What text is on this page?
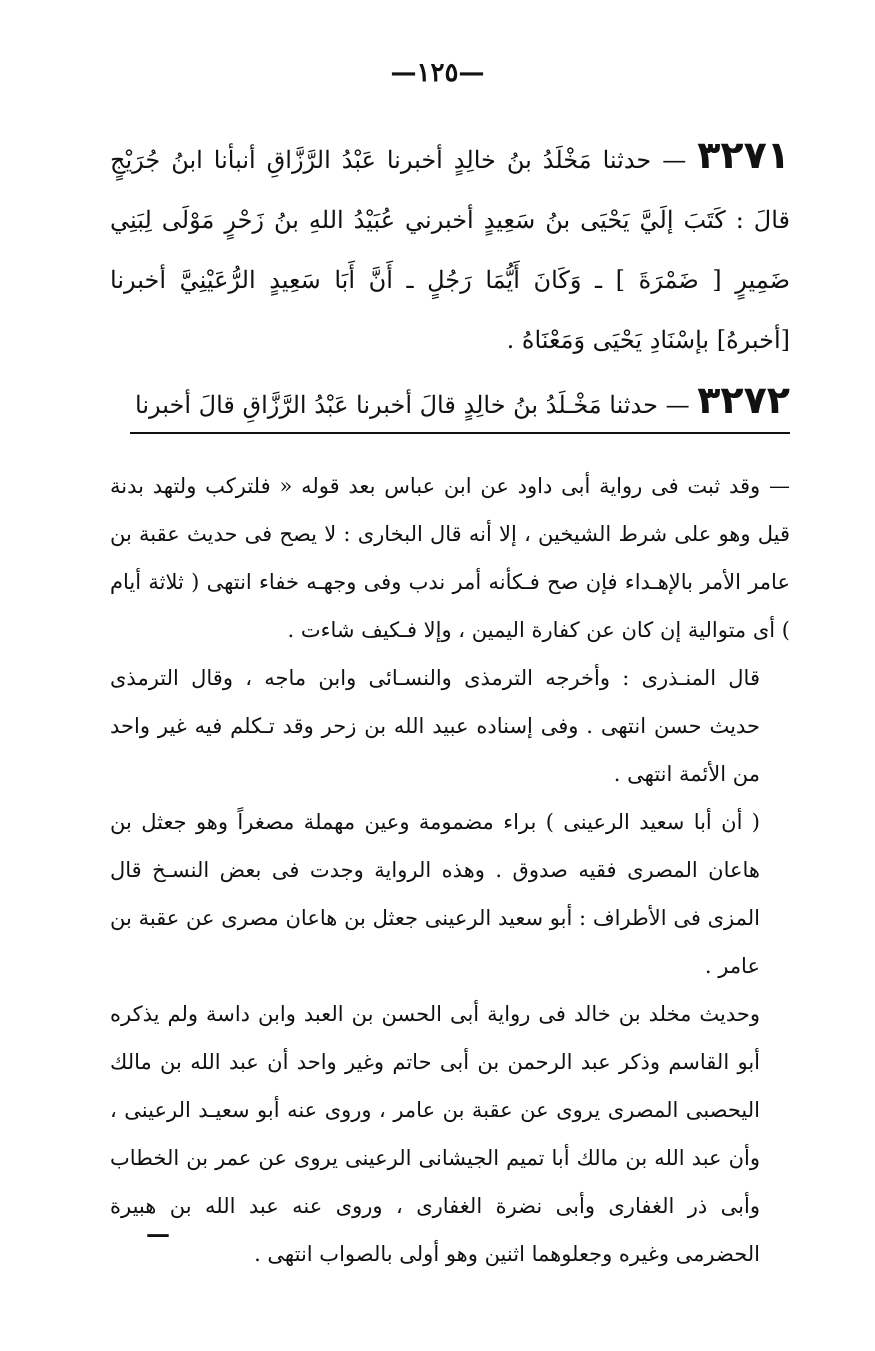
—١٢٥—

٣٢٧١ — حدثنا مَخْلَدُ بنُ خالِدٍ أخبرنا عَبْدُ الرَّزَّاقِ أنبأنا ابنُ جُرَيْجٍ قالَ : كَتَبَ إلَيَّ يَحْيَى بنُ سَعِيدٍ أخبرني عُبَيْدُ اللهِ بنُ زَحْرٍ مَوْلَى لِبَنِي ضَمِيرٍ [ ضَمْرَةَ ] ـ وَكَانَ أَيُّمَا رَجُلٍ ـ أَنَّ أَبَا سَعِيدٍ الرُّعَيْنِيَّ أخبرنا [أخبرهُ] بإسْنَادِ يَحْيَى وَمَعْنَاهُ .

٣٢٧٢ — حدثنا مَخْـلَدُ بنُ خالِدٍ قالَ أخبرنا عَبْدُ الرَّزَّاقِ قالَ أخبرنا

— وقد ثبت فى رواية أبى داود عن ابن عباس بعد قوله « فلتركب ولتهد بدنة قيل وهو على شرط الشيخين ، إلا أنه قال البخارى : لا يصح فى حديث عقبة بن عامر الأمر بالإهـداء فإن صح فـكأنه أمر ندب وفى وجهـه خفاء انتهى ( ثلاثة أيام ) أى متوالية إن كان عن كفارة اليمين ، وإلا فـكيف شاءت .

قال المنـذرى : وأخرجه الترمذى والنسـائى وابن ماجه ، وقال الترمذى حديث حسن انتهى . وفى إسناده عبيد الله بن زحر وقد تـكلم فيه غير واحد من الأئمة انتهى .

( أن أبا سعيد الرعينى ) براء مضمومة وعين مهملة مصغراً وهو جعثل بن هاعان المصرى فقيه صدوق . وهذه الرواية وجدت فى بعض النسـخ قال المزى فى الأطراف : أبو سعيد الرعينى جعثل بن هاعان مصرى عن عقبة بن عامر .

وحديث مخلد بن خالد فى رواية أبى الحسن بن العبد وابن داسة ولم يذكره أبو القاسم وذكر عبد الرحمن بن أبى حاتم وغير واحد أن عبد الله بن مالك اليحصبى المصرى يروى عن عقبة بن عامر ، وروى عنه أبو سعيـد الرعينى ، وأن عبد الله بن مالك أبا تميم الجيشانى الرعينى يروى عن عمر بن الخطاب وأبى ذر الغفارى وأبى نضرة الغفارى ، وروى عنه عبد الله بن هبيرة الحضرمى وغيره وجعلوهما اثنين وهو أولى بالصواب انتهى .

—
